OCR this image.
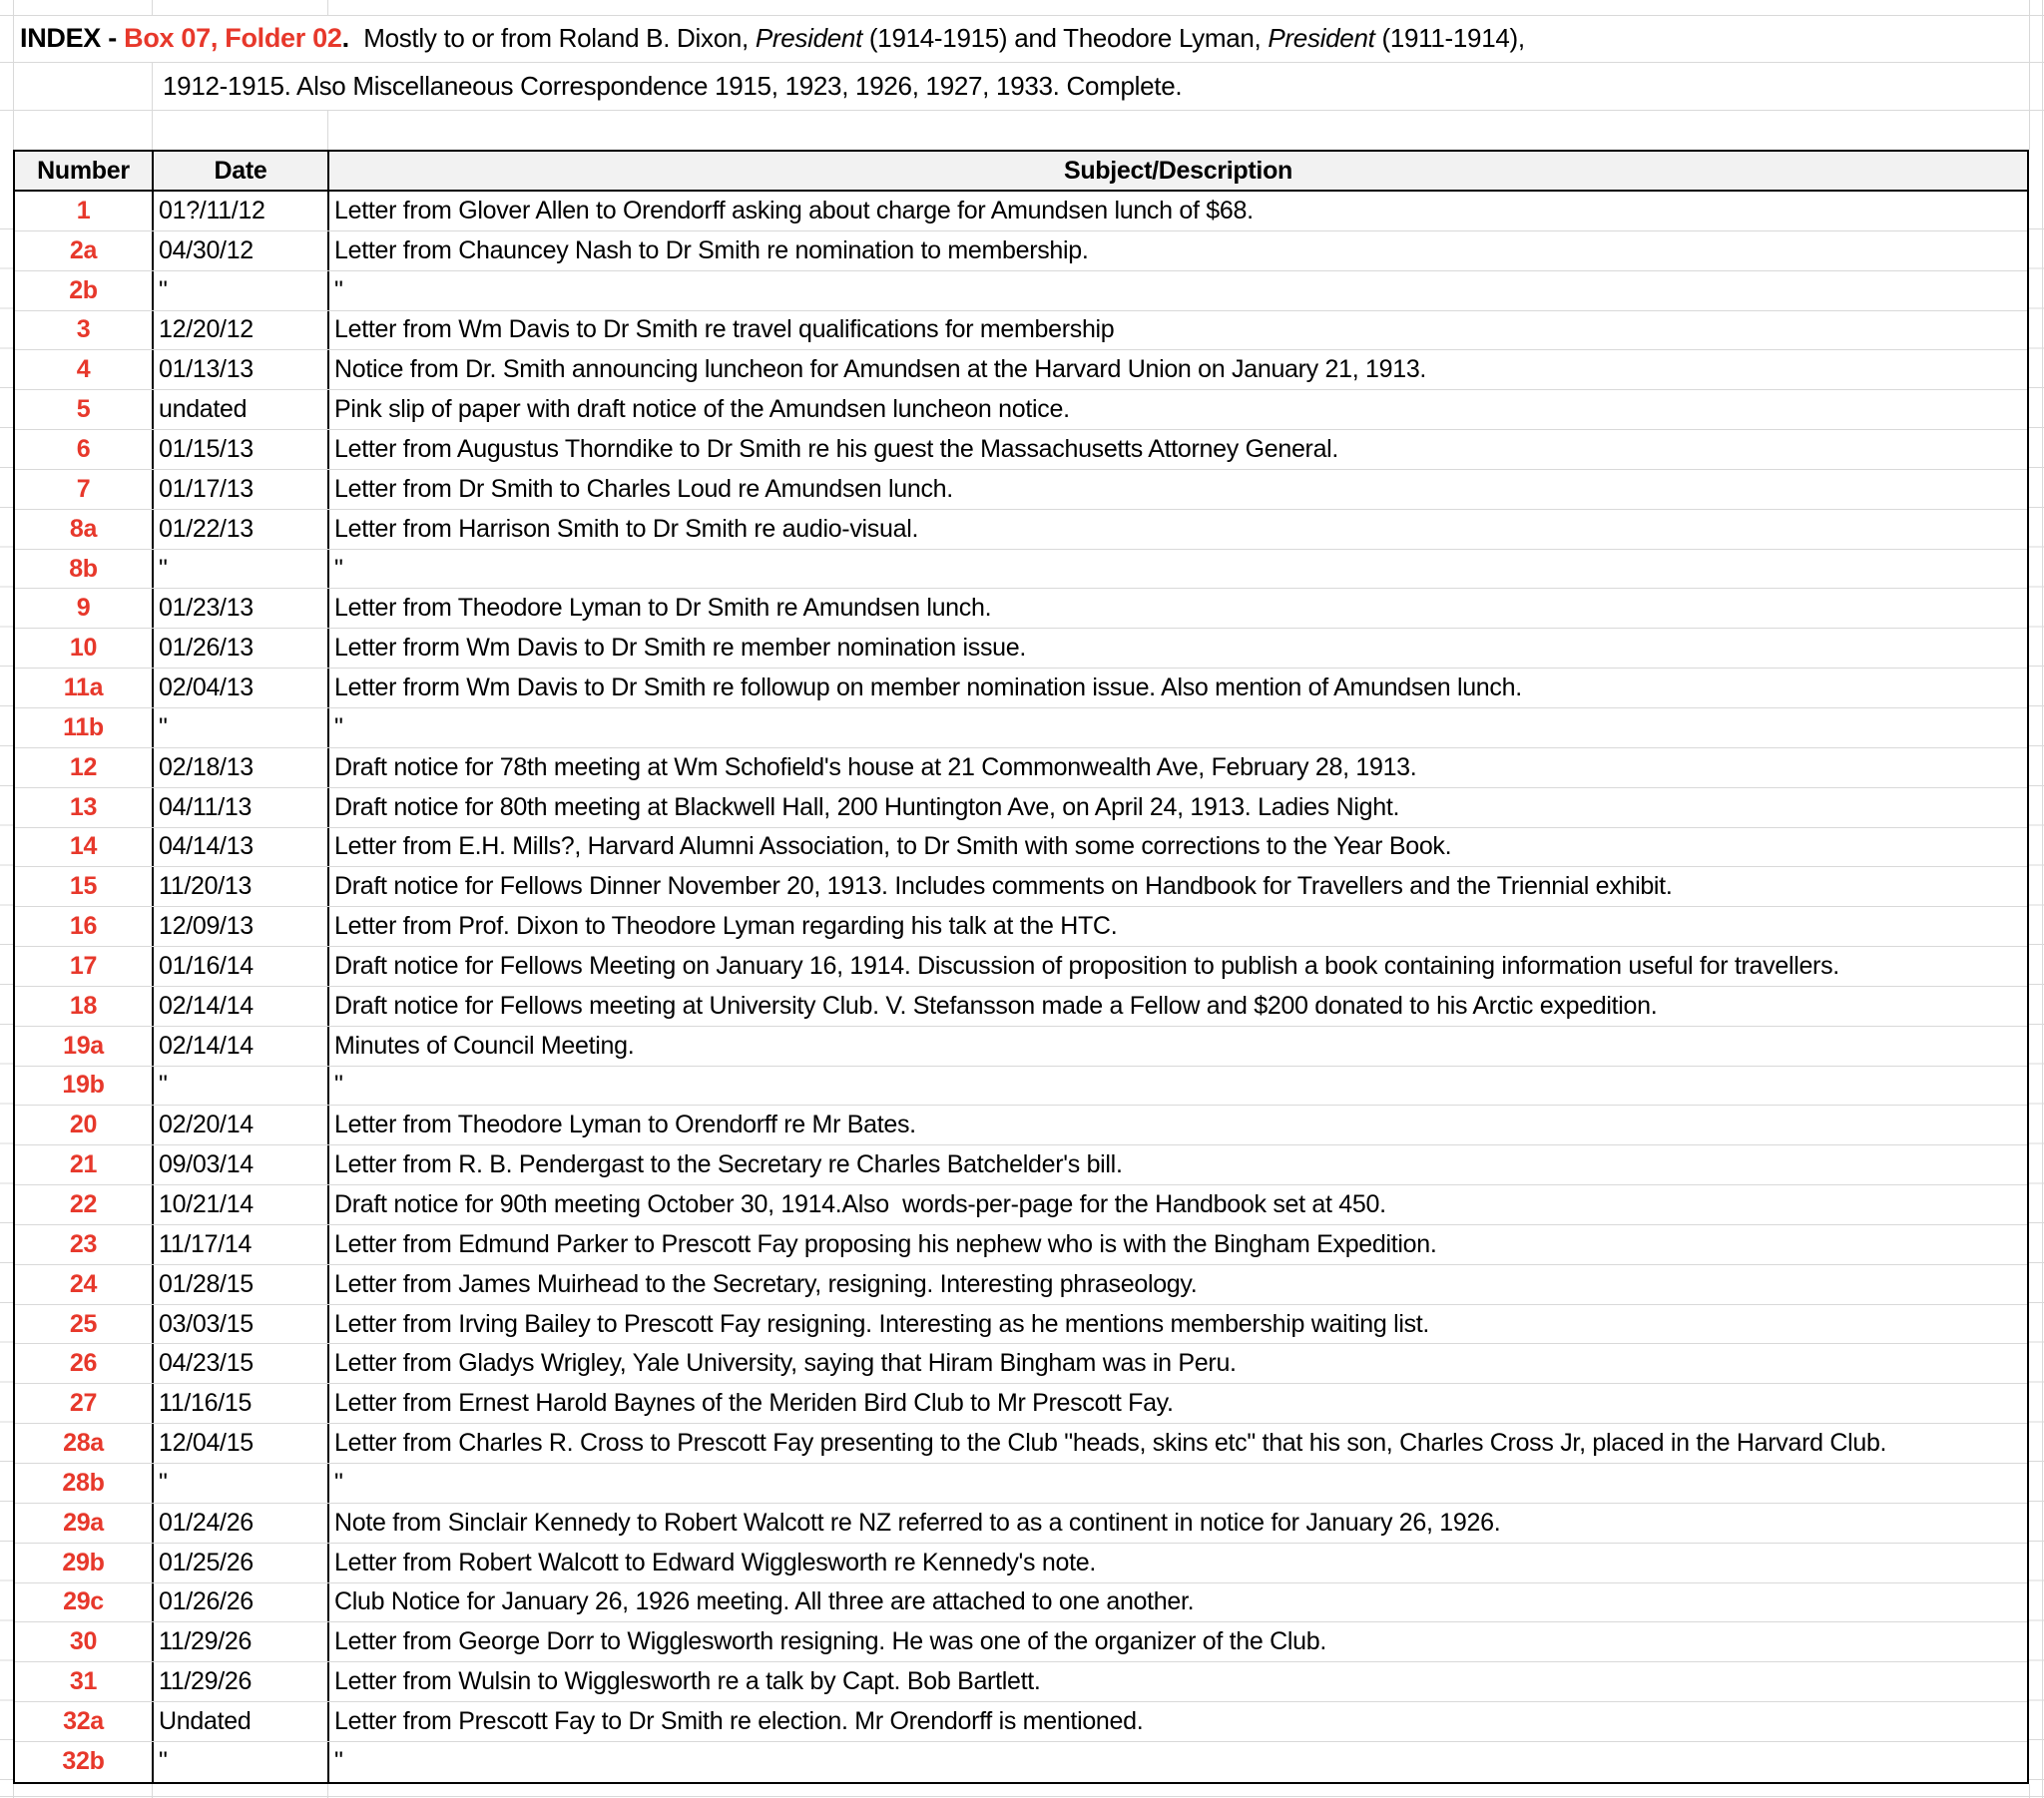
INDEX - Box 07, Folder 02 . Mostly to or from Roland B. Dixon, President (1914-1915) and Theodore Lyman, President (1911-1914),
1912-1915. Also Miscellaneous Correspondence 1915, 1923, 1926, 1927, 1933. Complete.
Number	Date	Subject/Description
1	01?/11/12	Letter from Glover Allen to Orendorff asking about charge for Amundsen lunch of $68.
2a	04/30/12	Letter from Chauncey Nash to Dr Smith re nomination to membership.
2b	"	"
3	12/20/12	Letter from Wm Davis to Dr Smith re travel qualifications for membership
4	01/13/13	Notice from Dr. Smith announcing luncheon for Amundsen at the Harvard Union on January 21, 1913.
5	undated	Pink slip of paper with draft notice of the Amundsen luncheon notice.
6	01/15/13	Letter from Augustus Thorndike to Dr Smith re his guest the Massachusetts Attorney General.
7	01/17/13	Letter from Dr Smith to Charles Loud re Amundsen lunch.
8a	01/22/13	Letter from Harrison Smith to Dr Smith re audio-visual.
8b	"	"
9	01/23/13	Letter from Theodore Lyman to Dr Smith re Amundsen lunch.
10	01/26/13	Letter frorm Wm Davis to Dr Smith re member nomination issue.
11a	02/04/13	Letter frorm Wm Davis to Dr Smith re followup on member nomination issue. Also mention of Amundsen lunch.
11b	"	"
12	02/18/13	Draft notice for 78th meeting at Wm Schofield's house at 21 Commonwealth Ave, February 28, 1913.
13	04/11/13	Draft notice for 80th meeting at Blackwell Hall, 200 Huntington Ave, on April 24, 1913. Ladies Night.
14	04/14/13	Letter from E.H. Mills?, Harvard Alumni Association, to Dr Smith with some corrections to the Year Book.
15	11/20/13	Draft notice for Fellows Dinner November 20, 1913. Includes comments on Handbook for Travellers and the Triennial exhibit.
16	12/09/13	Letter from Prof. Dixon to Theodore Lyman regarding his talk at the HTC.
17	01/16/14	Draft notice for Fellows Meeting on January 16, 1914. Discussion of proposition to publish a book containing information useful for travellers.
18	02/14/14	Draft notice for Fellows meeting at University Club. V. Stefansson made a Fellow and $200 donated to his Arctic expedition.
19a	02/14/14	Minutes of Council Meeting.
19b	"	"
20	02/20/14	Letter from Theodore Lyman to Orendorff re Mr Bates.
21	09/03/14	Letter from R. B. Pendergast to the Secretary re Charles Batchelder's bill.
22	10/21/14	Draft notice for 90th meeting October 30, 1914.Also  words-per-page for the Handbook set at 450.
23	11/17/14	Letter from Edmund Parker to Prescott Fay proposing his nephew who is with the Bingham Expedition.
24	01/28/15	Letter from James Muirhead to the Secretary, resigning. Interesting phraseology.
25	03/03/15	Letter from Irving Bailey to Prescott Fay resigning. Interesting as he mentions membership waiting list.
26	04/23/15	Letter from Gladys Wrigley, Yale University, saying that Hiram Bingham was in Peru.
27	11/16/15	Letter from Ernest Harold Baynes of the Meriden Bird Club to Mr Prescott Fay.
28a	12/04/15	Letter from Charles R. Cross to Prescott Fay presenting to the Club "heads, skins etc" that his son, Charles Cross Jr, placed in the Harvard Club.
28b	"	"
29a	01/24/26	Note from Sinclair Kennedy to Robert Walcott re NZ referred to as a continent in notice for January 26, 1926.
29b	01/25/26	Letter from Robert Walcott to Edward Wigglesworth re Kennedy's note.
29c	01/26/26	Club Notice for January 26, 1926 meeting. All three are attached to one another.
30	11/29/26	Letter from George Dorr to Wigglesworth resigning. He was one of the organizer of the Club.
31	11/29/26	Letter from Wulsin to Wigglesworth re a talk by Capt. Bob Bartlett.
32a	Undated	Letter from Prescott Fay to Dr Smith re election. Mr Orendorff is mentioned.
32b	"	"
